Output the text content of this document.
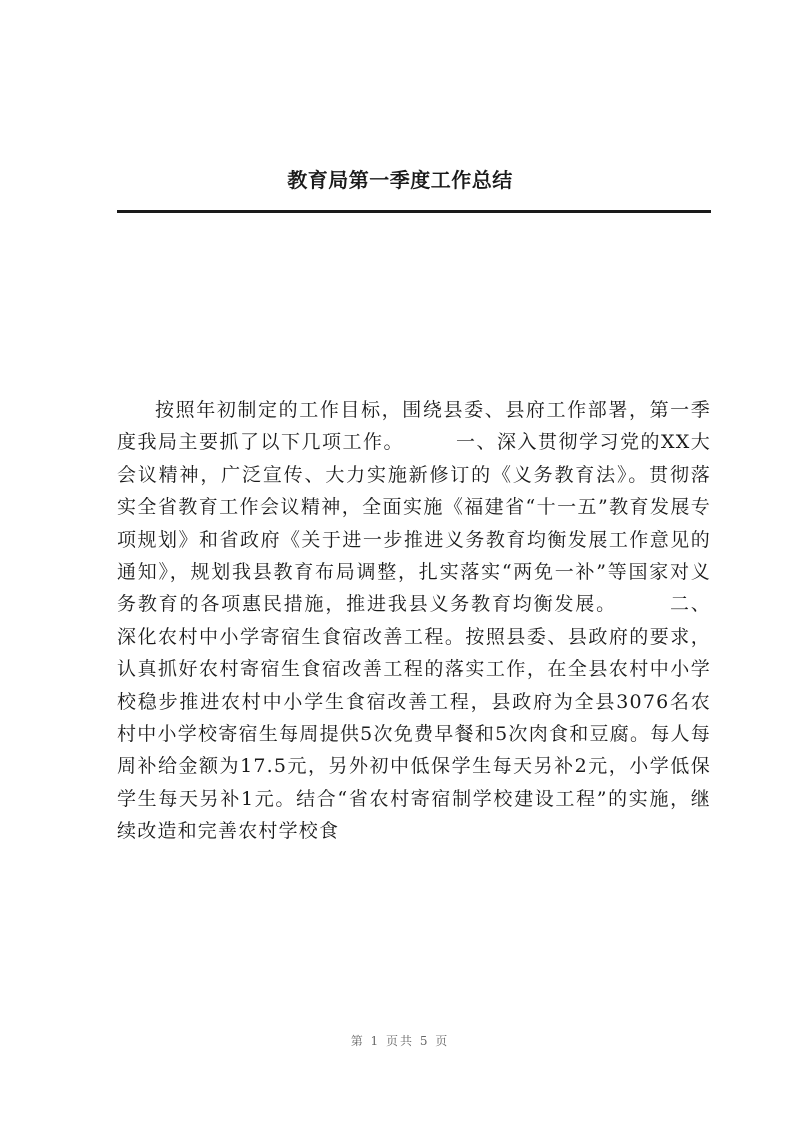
教育局第一季度工作总结
按照年初制定的工作目标，围绕县委、县府工作部署，第一季度我局主要抓了以下几项工作。　　　一、深入贯彻学习党的XX大会议精神，广泛宣传、大力实施新修订的《义务教育法》。贯彻落实全省教育工作会议精神，全面实施《福建省“十一五”教育发展专项规划》和省政府《关于进一步推进义务教育均衡发展工作意见的通知》，规划我县教育布局调整，扎实落实“两免一补”等国家对义务教育的各项惠民措施，推进我县义务教育均衡发展。　　　二、深化农村中小学寄宿生食宿改善工程。按照县委、县政府的要求，认真抓好农村寄宿生食宿改善工程的落实工作，在全县农村中小学校稳步推进农村中小学生食宿改善工程，县政府为全县3076名农村中小学校寄宿生每周提供5次免费早餐和5次肉食和豆腐。每人每周补给金额为17.5元，另外初中低保学生每天另补2元，小学低保学生每天另补1元。结合“省农村寄宿制学校建设工程”的实施，继续改造和完善农村学校食
第 1 页共 5 页
